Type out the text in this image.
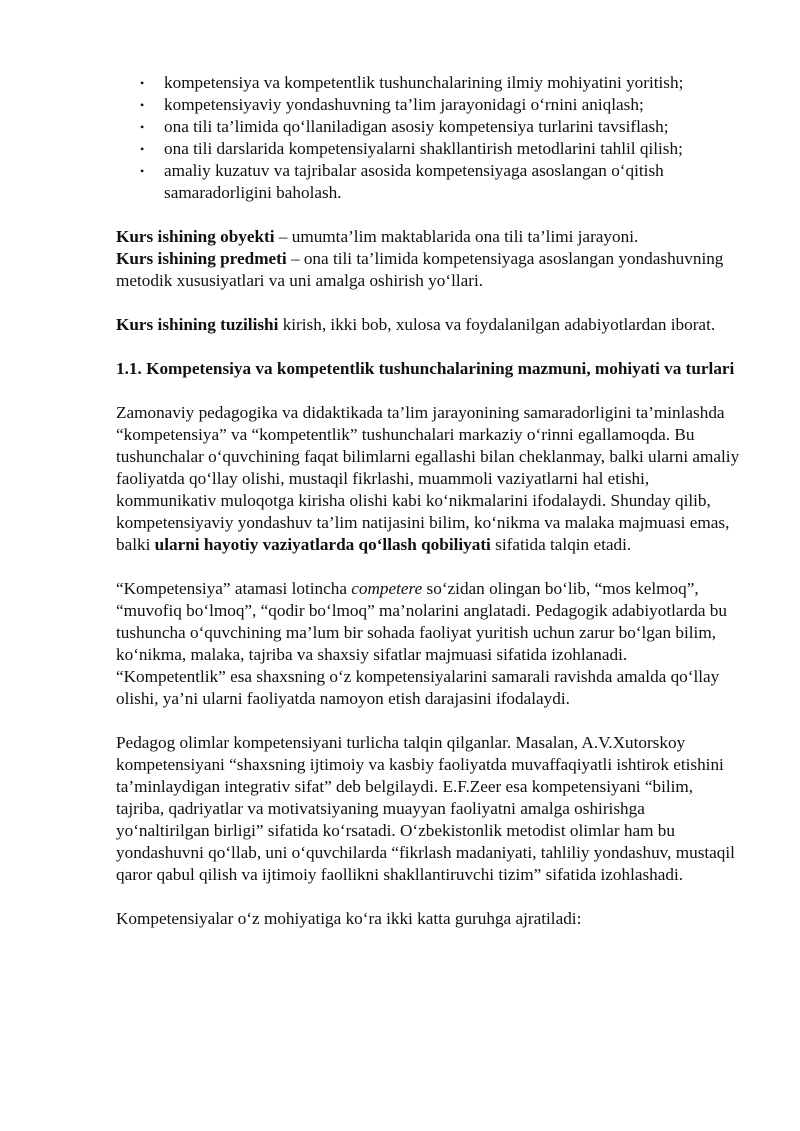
• kompetensiya va kompetentlik tushunchalarining ilmiy mohiyatini yoritish;
• kompetensiyaviy yondashuvning ta’lim jarayonidagi o‘rnini aniqlash;
• ona tili ta’limida qo‘llaniladigan asosiy kompetensiya turlarini tavsiflash;
• ona tili darslarida kompetensiyalarni shakllantirish metodlarini tahlil qilish;
• amaliy kuzatuv va tajribalar asosida kompetensiyaga asoslangan o‘qitish samaradorligini baholash.

Kurs ishining obyekti – umumta’lim maktablarida ona tili ta’limi jarayoni.

Kurs ishining predmeti – ona tili ta’limida kompetensiyaga asoslangan yondashuvning metodik xususiyatlari va uni amalga oshirish yo‘llari.

Kurs ishining tuzilishi kirish, ikki bob, xulosa va foydalanilgan adabiyotlardan iborat.

1.1. Kompetensiya va kompetentlik tushunchalarining mazmuni, mohiyati va turlari

Zamonaviy pedagogika va didaktikada ta’lim jarayonining samaradorligini ta’minlashda “kompetensiya” va “kompetentlik” tushunchalari markaziy o‘rinni egallamoqda. Bu tushunchalar o‘quvchining faqat bilimlarni egallashi bilan cheklanmay, balki ularni amaliy faoliyatda qo‘llay olishi, mustaqil fikrlashi, muammoli vaziyatlarni hal etishi, kommunikativ muloqotga kirisha olishi kabi ko‘nikmalarini ifodalaydi. Shunday qilib, kompetensiyaviy yondashuv ta’lim natijasini bilim, ko‘nikma va malaka majmuasi emas, balki ularni hayotiy vaziyatlarda qo‘llash qobiliyati sifatida talqin etadi.

“Kompetensiya” atamasi lotincha competere so‘zidan olingan bo‘lib, “mos kelmoq”, “muvofiq bo‘lmoq”, “qodir bo‘lmoq” ma’nolarini anglatadi. Pedagogik adabiyotlarda bu tushuncha o‘quvchining ma’lum bir sohada faoliyat yuritish uchun zarur bo‘lgan bilim, ko‘nikma, malaka, tajriba va shaxsiy sifatlar majmuasi sifatida izohlanadi. “Kompetentlik” esa shaxsning o‘z kompetensiyalarini samarali ravishda amalda qo‘llay olishi, ya’ni ularni faoliyatda namoyon etish darajasini ifodalaydi.

Pedagog olimlar kompetensiyani turlicha talqin qilganlar. Masalan, A.V.Xutorskoy kompetensiyani “shaxsning ijtimoiy va kasbiy faoliyatda muvaffaqiyatli ishtirok etishini ta’minlaydigan integrativ sifat” deb belgilaydi. E.F.Zeer esa kompetensiyani “bilim, tajriba, qadriyatlar va motivatsiyaning muayyan faoliyatni amalga oshirishga yo‘naltirilgan birligi” sifatida ko‘rsatadi. O‘zbekistonlik metodist olimlar ham bu yondashuvni qo‘llab, uni o‘quvchilarda “fikrlash madaniyati, tahliliy yondashuv, mustaqil qaror qabul qilish va ijtimoiy faollikni shakllantiruvchi tizim” sifatida izohlashadi.

Kompetensiyalar o‘z mohiyatiga ko‘ra ikki katta guruhga ajratiladi:
